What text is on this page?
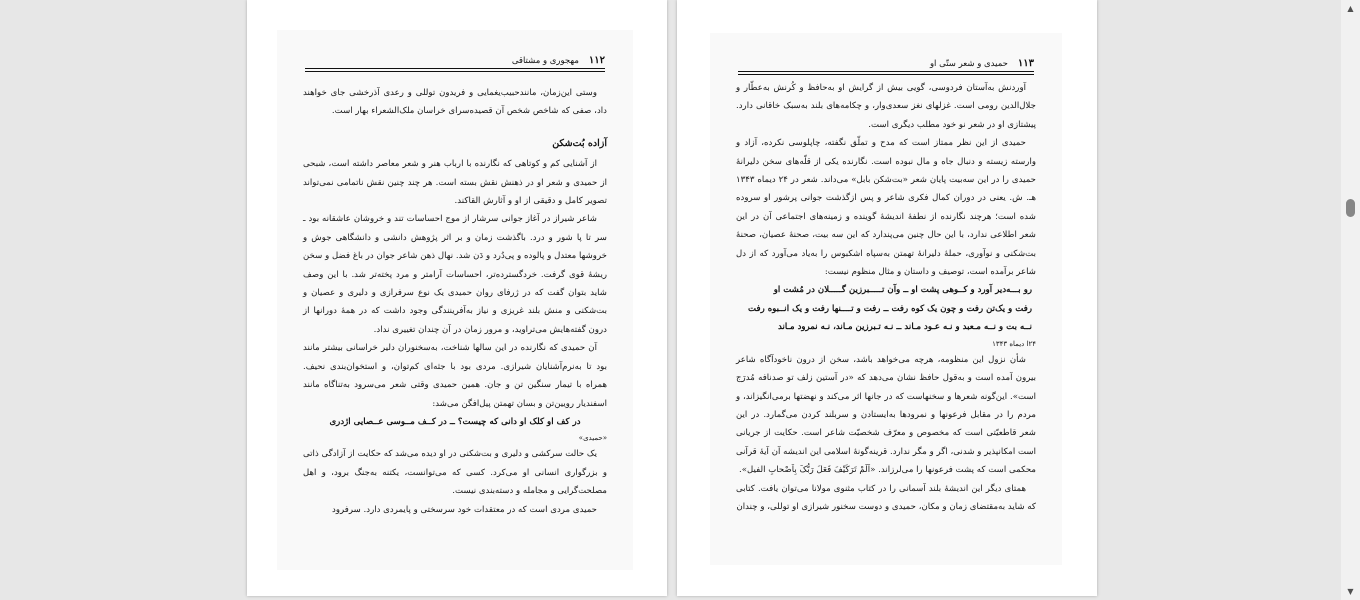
۱۱۲
مهجوری و مشتاقی

وستی این‌زمان، مانند‌حبیب‌یغمایی و فریدون توللی و رعدی آذرخشی جای خواهند داد، صفی که شاخص شخص آن قصیده‌سرای خراسان ملک‌الشعراء بهار است.

آزاده بُت‌شکن

از آشنایی کم و کوتاهی که نگارنده با ارباب هنر و شعر معاصر داشته است، شبحی از حمیدی و شعر او در ذهنش نقش بسته است. هر چند چنین نقش ناتمامی نمی‌تواند تصویر کامل و دقیقی از او و آثارش القاکند.

شاعر شیراز در آغاز جوانی سرشار از موج احساسات تند و خروشان عاشقانه بود ـ سر تا پا شور و درد. باگذشت زمان و بر اثر پژوهش دانشی و دانشگاهی جوش و خروشها معتدل و پالوده و پی‌دُرد و دَن شد. نهال ذهن شاعر جوان در باغ فضل و سخن ریشهٔ قوی گرفت. خردگسترده‌تر، احساسات آرامتر و مرد پخته‌تر شد. با این وصف شاید بتوان گفت که در ژرفای روان حمیدی یک نوع سرفرازی و دلیری و عصیان و بت‌شکنی و منش بلند غریزی و نیاز به‌آفرینندگی وجود داشت که در همهٔ دورانها از درون گفته‌هایش می‌تراوید، و مرور زمان در آن چندان تغییری نداد.

آن حمیدی که نگارنده در این سالها شناخت، به‌سخنوران دلیر خراسانی بیشتر مانند بود تا به‌نرم‌آشنایان شیرازی. مردی بود با جثه‌ای کم‌توان، و استخوان‌بندی نحیف. همراه با تیمار سنگین تن و جان. همین حمیدی وقتی شعر می‌سرود به‌تناگاه مانند اسفندیار رویین‌تن و بسان تهمتن پیل‌افگن می‌شد:

در کف او کلک او دانی که چیست؟ ــ در کــف مــوسی عــصایی اژدری
«حمیدی»

یک حالت سرکشی و دلیری و بت‌شکنی در او دیده می‌شد که حکایت از آزادگی ذاتی و بزرگواری انسانی او می‌کرد. کسی که می‌توانست، یکتنه به‌جنگ برود، و اهل مصلحت‌گرایی و مجامله و دسته‌بندی نیست.

حمیدی مردی است که در معتقدات خود سرسختی و پایمردی دارد. سرفرود

۱۱۳
حمیدی و شعر ستّی او

آوردنش به‌آستان فردوسی، گویی بیش از گرایش او به‌حافظ و کُرنش به‌عطّار و جلال‌الدین رومی است. غزلهای نغز سعدی‌وار، و چکامه‌های بلند به‌سبک خاقانی دارد. پیشتازی او در شعر نو خود مطلب دیگری است.

حمیدی از این نظر ممتاز است که مدح و تملّق نگفته، چاپلوسی نکرده، آزاد و وارسته زیسته و دنبال جاه و مال نبوده است. نگارنده یکی از قلّه‌های سخن دلیرانهٔ حمیدی را در این سه‌بیت پایان شعر «بت‌شکن بابل» می‌داند. شعر در ۲۴ دیماه ۱۳۴۳ هـ. ش. یعنی در دوران کمال فکری شاعر و پس ازگذشت جوانی پرشور او سروده شده است؛ هرچند نگارنده از نطفهٔ اندیشهٔ گوینده و زمینه‌های اجتماعی آن در این شعر اطلاعی ندارد، با این حال چنین می‌پندارد که این سه بیت، صحنهٔ عصیان، صحنهٔ بت‌شکنی و نوآوری، حملهٔ دلیرانهٔ تهمتن به‌سپاه اشکبوس را به‌یاد می‌آورد که از دل شاعر برآمده است، توصیف و داستان و مثال منظوم نیست:

رو بـــه‌دیر آورد و کــوهی پشت او ــ وآن تـــــبرزین گـــــلان در مُشت او
رفت و یک‌تن رفت و چون یک کوه رفت ــ رفت و تــــنها رفت و یک انــبوه رفت
نــه بت و نــه مـعبد و نـه عـود مـاند ــ نـه تـبرزین مـاند، نـه نمرود مـاند
۲۴ا دیماه ۱۳۴۳

شأن نزول این منظومه، هرچه می‌خواهد باشد، سخن از درون ناخودآگاه شاعر بیرون آمده است و به‌قول حافظ نشان می‌دهد که «در آستین زلف تو صدنافه مُدرَج است». این‌گونه شعرها و سخنهاست که در جانها اثر می‌کند و نهضتها برمی‌انگیزاند، و مردم را در مقابل فرعونها و نمرودها به‌ایستادن و سربلند کردن می‌گمارد. در این شعر قاطعیّتی است که مخصوص و معرّف شخصیّت شاعر است. حکایت از جریانی است امکانپذیر و شدنی، اگر و مگر ندارد. قرینه‌گونهٔ اسلامی این اندیشه آن آیهٔ قرآنی محکمی است که پشت فرعونها را می‌لرزاند. «اَلَمْ تَرَکَیْفَ فَعَلَ رَبُّکَ بِاَصْحابِ الفیل».

همتای دیگر این اندیشهٔ بلند آسمانی را در کتاب مثنوی مولانا می‌توان یافت. کتابی که شاید به‌مقتضای زمان و مکان، حمیدی و دوست سخنور شیرازی او توللی، و چندان

▲
▼
